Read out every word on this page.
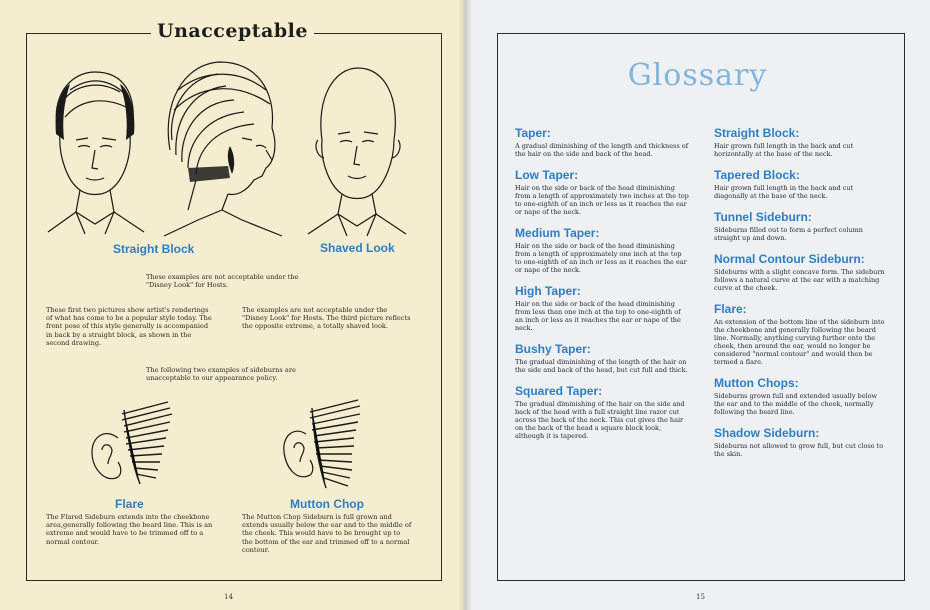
Unacceptable
Straight Block	Shaved Look
These examples are not acceptable under the "Disney Look" for Hosts.
These first two pictures show artist's renderings of what has come to be a popular style today. The front pose of this style generally is accompanied in back by a straight block, as shown in the second drawing.
The examples are not acceptable under the "Disney Look" for Hosts. The third picture reflects the opposite extreme, a totally shaved look.
The following two examples of sideburns are unacceptable to our appearance policy.
Flare	Mutton Chop
The Flared Sideburn extends into the cheekbone area,generally following the beard line. This is an extreme and would have to be trimmed off to a normal contour.
The Mutton Chop Sideburn is full grown and extends usually below the ear and to the middle of the cheek. This would have to be brought up to the bottom of the ear and trimmed off to a normal contour.
14
Glossary

Taper:

A gradual diminishing of the length and thickness of the hair on the side and back of the head.

Low Taper:

Hair on the side or back of the head diminishing from a length of approximately two inches at the top to one-eighth of an inch or less as it reaches the ear or nape of the neck.

Medium Taper:

Hair on the side or back of the head diminishing from a length of approximately one inch at the top to one-eighth of an inch or less as it reaches the ear or nape of the neck.

High Taper:

Hair on the side or back of the head diminishing from less than one inch at the top to one-eighth of an inch or less as it reaches the ear or nape of the neck.

Bushy Taper:

The gradual diminishing of the length of the hair on the side and back of the head, but cut full and thick.

Squared Taper:

The gradual diminishing of the hair on the side and back of the head with a full straight line razor cut across the back of the neck. This cut gives the hair on the back of the head a square block look, although it is tapered.

Straight Block:

Hair grown full length in the back and cut horizontally at the base of the neck.

Tapered Block:

Hair grown full length in the back and cut diagonally at the base of the neck.

Tunnel Sideburn:

Sideburns filled out to form a perfect column straight up and down.

Normal Contour Sideburn:

Sideburns with a slight concave form. The sideburn follows a natural curve at the ear with a matching curve at the cheek.

Flare:

An extension of the bottom line of the sideburn into the cheekbone and generally following the beard line. Normally, anything curving further onto the cheek, then around the ear, would no longer be considered "normal contour" and would then be termed a flare.

Mutton Chops:

Sideburns grown full and extended usually below the ear and to the middle of the cheek, normally following the beard line.

Shadow Sideburn:

Sideburns not allowed to grow full, but cut close to the skin.

15
